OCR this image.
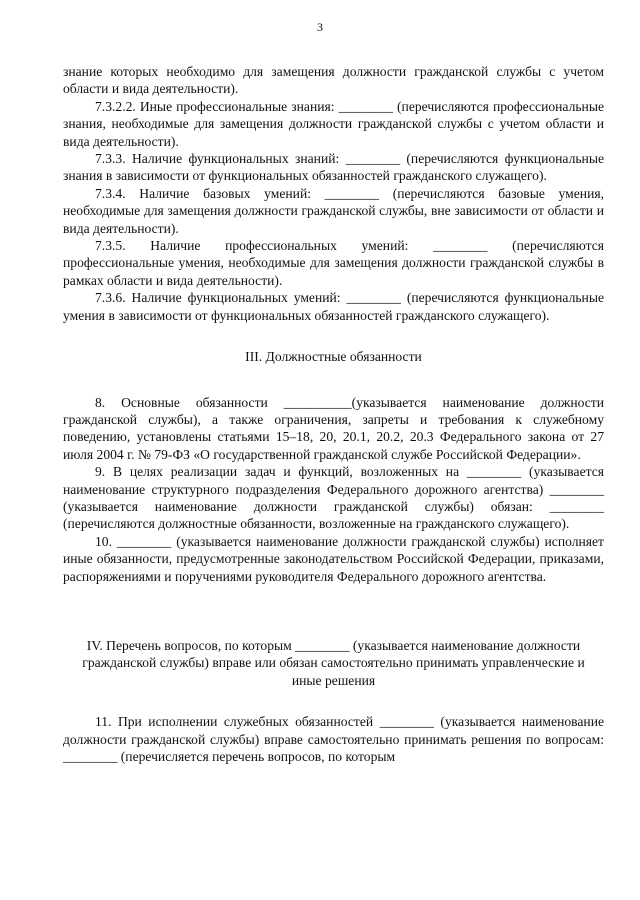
3

знание которых необходимо для замещения должности гражданской службы с учетом области и вида деятельности).

7.3.2.2. Иные профессиональные знания: ________ (перечисляются профессиональные знания, необходимые для замещения должности гражданской службы с учетом области и вида деятельности).

7.3.3. Наличие функциональных знаний: ________ (перечисляются функциональные знания в зависимости от функциональных обязанностей гражданского служащего).

7.3.4. Наличие базовых умений: ________ (перечисляются базовые умения, необходимые для замещения должности гражданской службы, вне зависимости от области и вида деятельности).

7.3.5. Наличие профессиональных умений: ________ (перечисляются профессиональные умения, необходимые для замещения должности гражданской службы в рамках области и вида деятельности).

7.3.6. Наличие функциональных умений: ________ (перечисляются функциональные умения в зависимости от функциональных обязанностей гражданского служащего).

III. Должностные обязанности

8. Основные обязанности __________(указывается наименование должности гражданской службы), а также ограничения, запреты и требования к служебному поведению, установлены статьями 15–18, 20, 20.1, 20.2, 20.3 Федерального закона от 27 июля 2004 г. № 79-ФЗ «О государственной гражданской службе Российской Федерации».

9. В целях реализации задач и функций, возложенных на ________ (указывается наименование структурного подразделения Федерального дорожного агентства) ________ (указывается наименование должности гражданской службы) обязан: ________ (перечисляются должностные обязанности, возложенные на гражданского служащего).

10. ________ (указывается наименование должности гражданской службы) исполняет иные обязанности, предусмотренные законодательством Российской Федерации, приказами, распоряжениями и поручениями руководителя Федерального дорожного агентства.

IV. Перечень вопросов, по которым ________ (указывается наименование должности гражданской службы) вправе или обязан самостоятельно принимать управленческие и иные решения

11. При исполнении служебных обязанностей ________ (указывается наименование должности гражданской службы) вправе самостоятельно принимать решения по вопросам: ________ (перечисляется перечень вопросов, по которым
